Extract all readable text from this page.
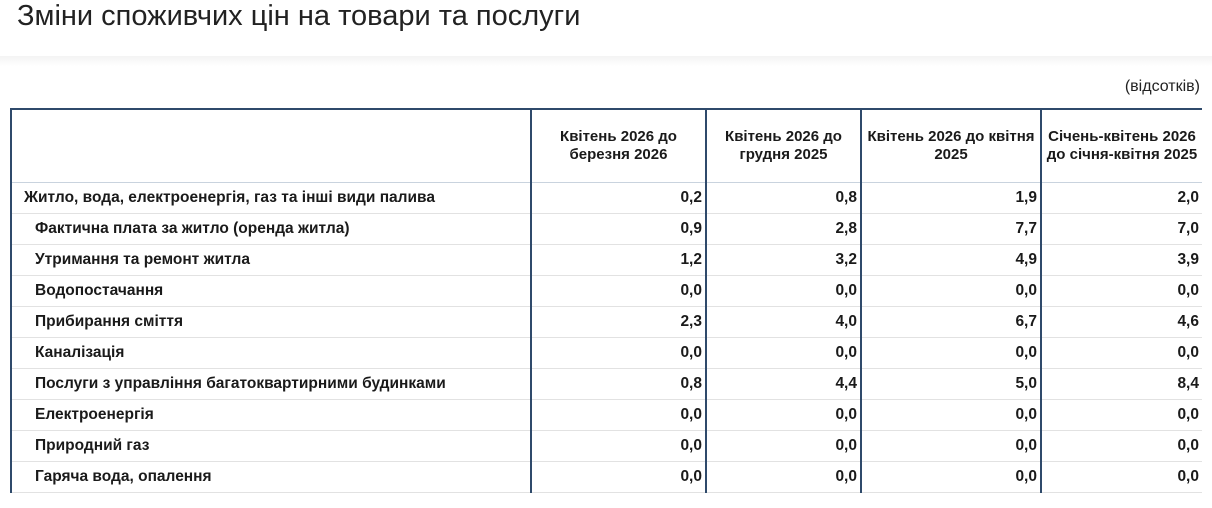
Зміни споживчих цін на товари та послуги
(відсотків)
	Квітень 2026 до березня 2026	Квітень 2026 до грудня 2025	Квітень 2026 до квітня 2025	Січень-квітень 2026 до січня-квітня 2025
Житло, вода, електроенергія, газ та інші види палива	0,2	0,8	1,9	2,0
Фактична плата за житло (оренда житла)	0,9	2,8	7,7	7,0
Утримання та ремонт житла	1,2	3,2	4,9	3,9
Водопостачання	0,0	0,0	0,0	0,0
Прибирання сміття	2,3	4,0	6,7	4,6
Каналізація	0,0	0,0	0,0	0,0
Послуги з управління багатоквартирними будинками	0,8	4,4	5,0	8,4
Електроенергія	0,0	0,0	0,0	0,0
Природний газ	0,0	0,0	0,0	0,0
Гаряча вода, опалення	0,0	0,0	0,0	0,0
